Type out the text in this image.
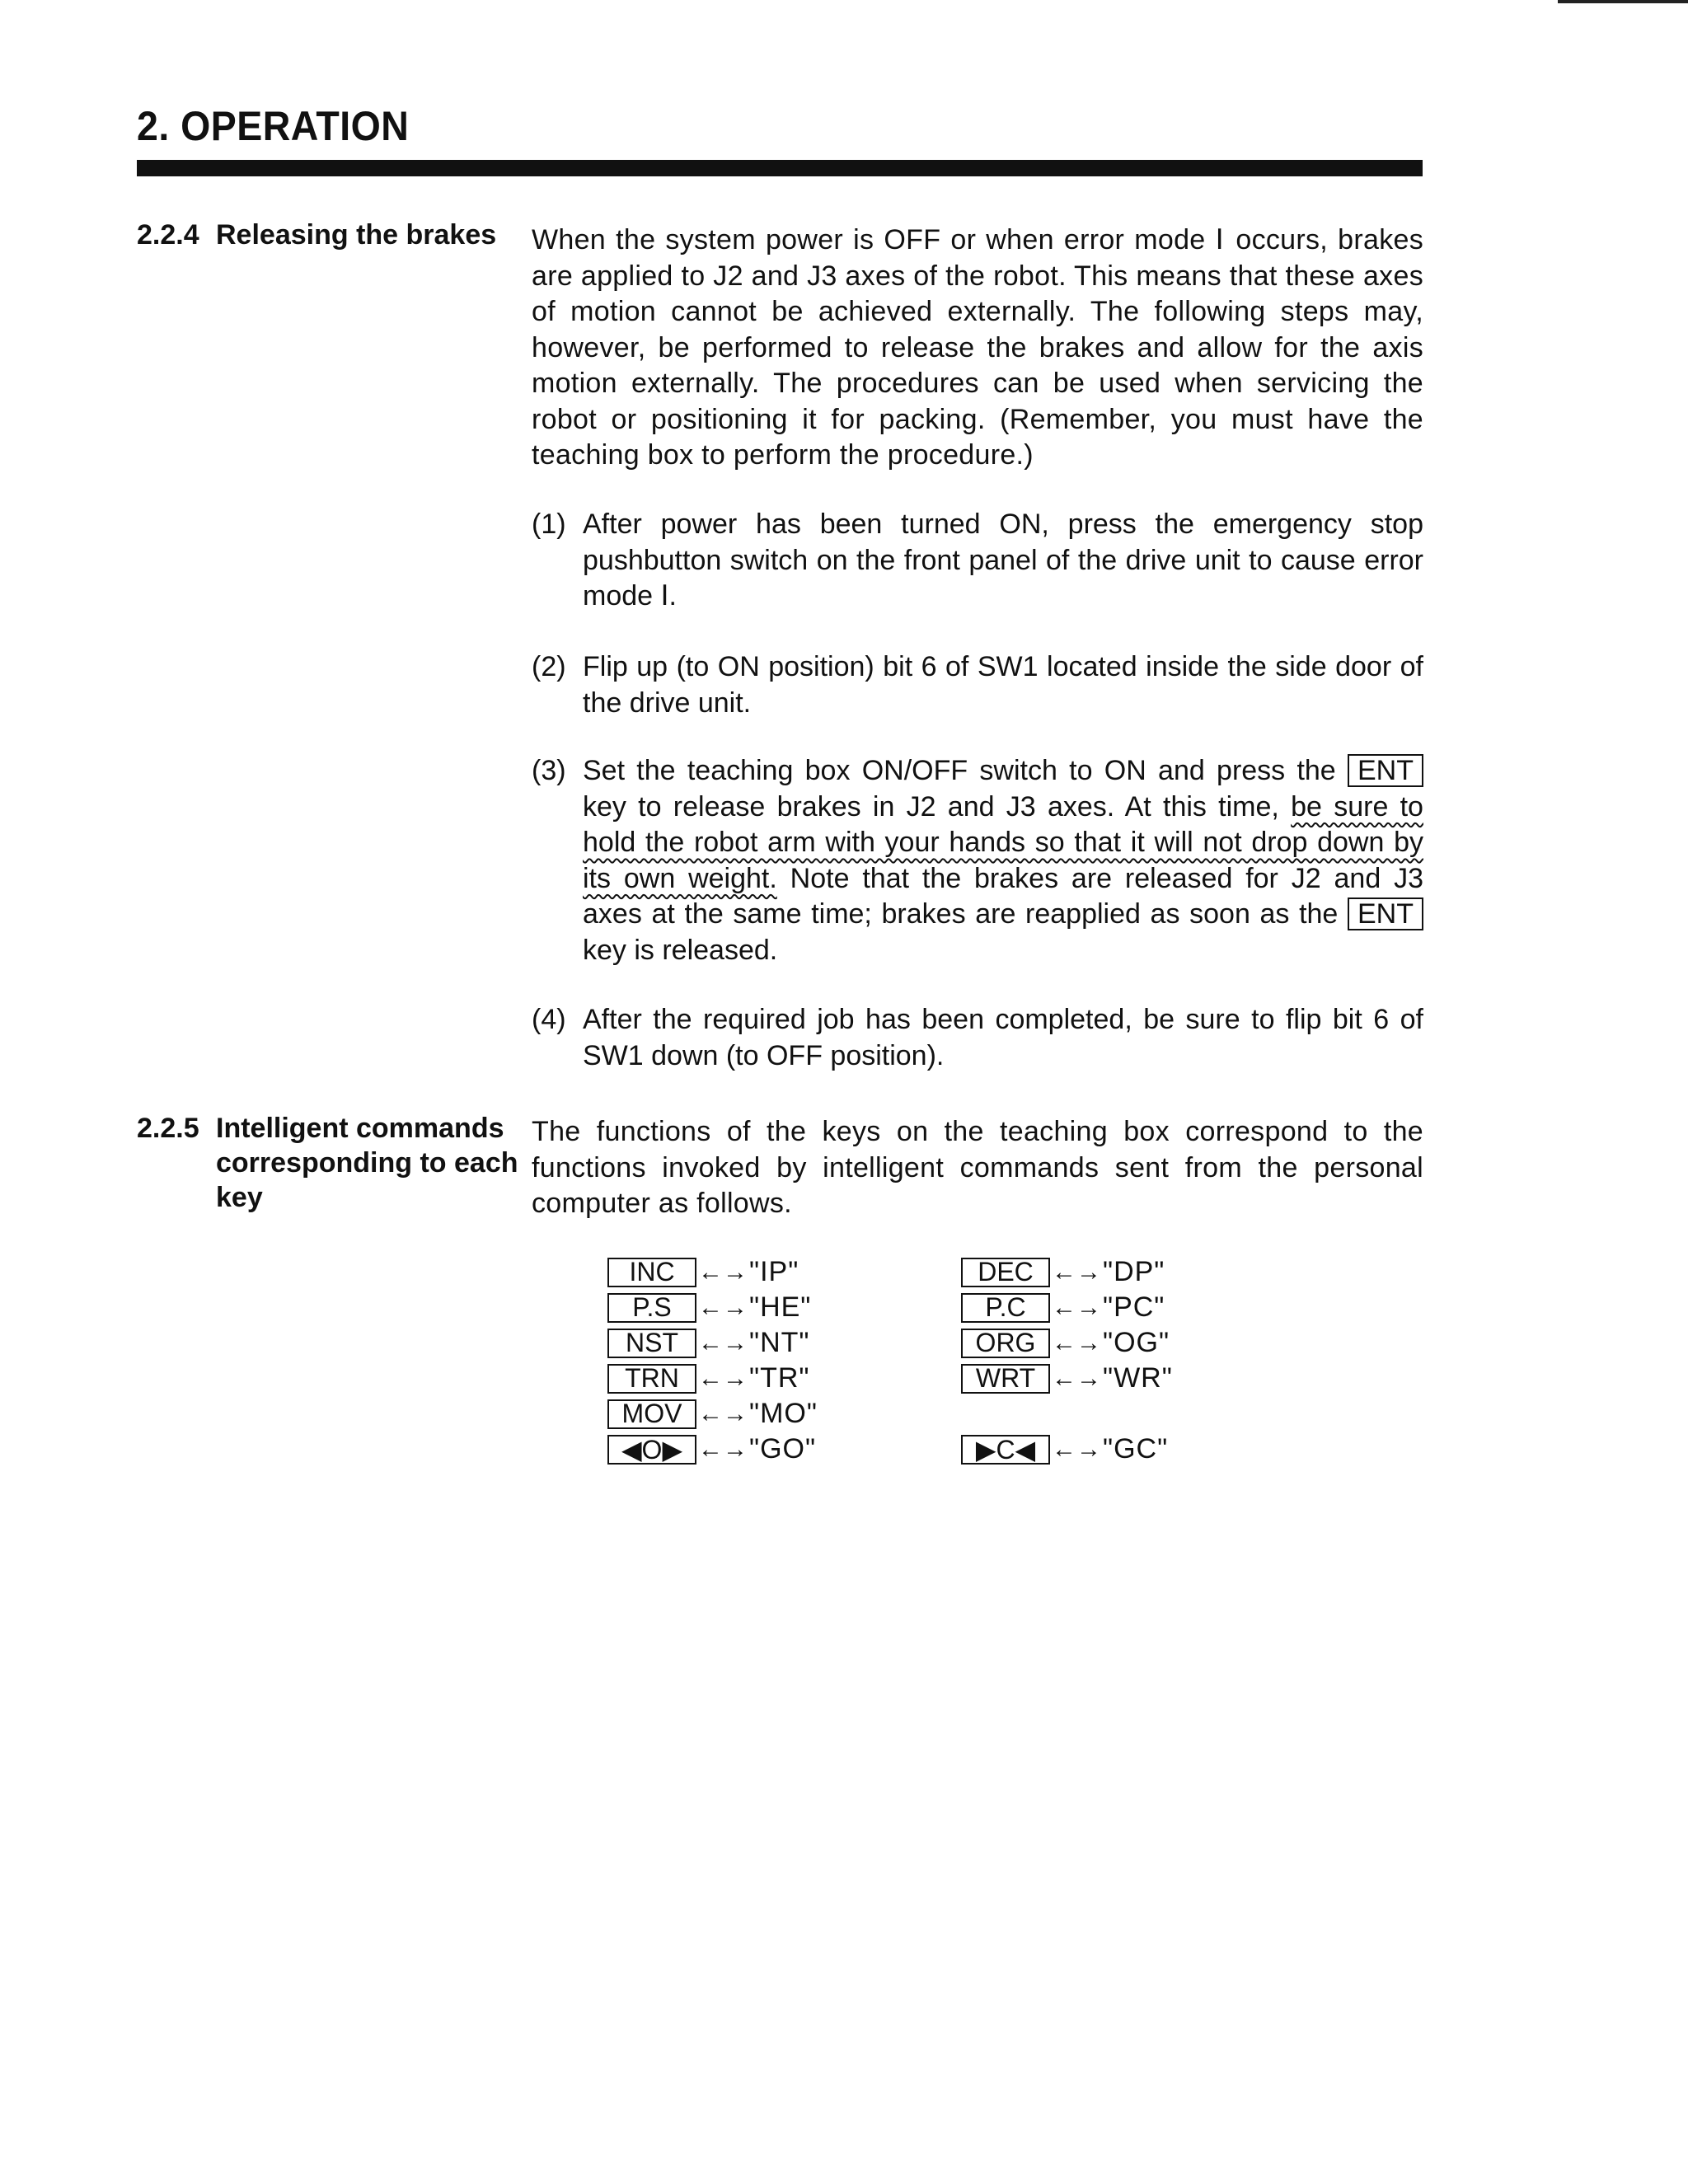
2. OPERATION
2.2.4 Releasing the brakes When the system power is OFF or when error mode Ⅰ occurs, brakes are applied to J2 and J3 axes of the robot. This means that these axes of motion cannot be achieved externally. The following steps may, however, be performed to release the brakes and allow for the axis motion externally. The procedures can be used when servicing the robot or positioning it for packing. (Remember, you must have the teaching box to perform the procedure.)
(1) After power has been turned ON, press the emergency stop pushbutton switch on the front panel of the drive unit to cause error mode Ⅰ.
(2) Flip up (to ON position) bit 6 of SW1 located inside the side door of the drive unit.
(3) Set the teaching box ON/OFF switch to ON and press the ENT key to release brakes in J2 and J3 axes. At this time, be sure to hold the robot arm with your hands so that it will not drop down by its own weight. Note that the brakes are released for J2 and J3 axes at the same time; brakes are reapplied as soon as the ENT key is released.
(4) After the required job has been completed, be sure to flip bit 6 of SW1 down (to OFF position).
2.2.5 Intelligent commands
corresponding to each
key
The functions of the keys on the teaching box correspond to the functions invoked by intelligent commands sent from the personal computer as follows.
INC ←→ "IP"
P.S	←→ "HE"
NST ←→ "NT"
TRN ←→ "TR"
MOV ←→ "MO"
◀O▶ ←→ "GO"
DEC ←→ "DP"
P.C	←→ "PC"
ORG ←→ "OG"
WRT ←→ "WR"
▶C◀ ←→ "GC"
